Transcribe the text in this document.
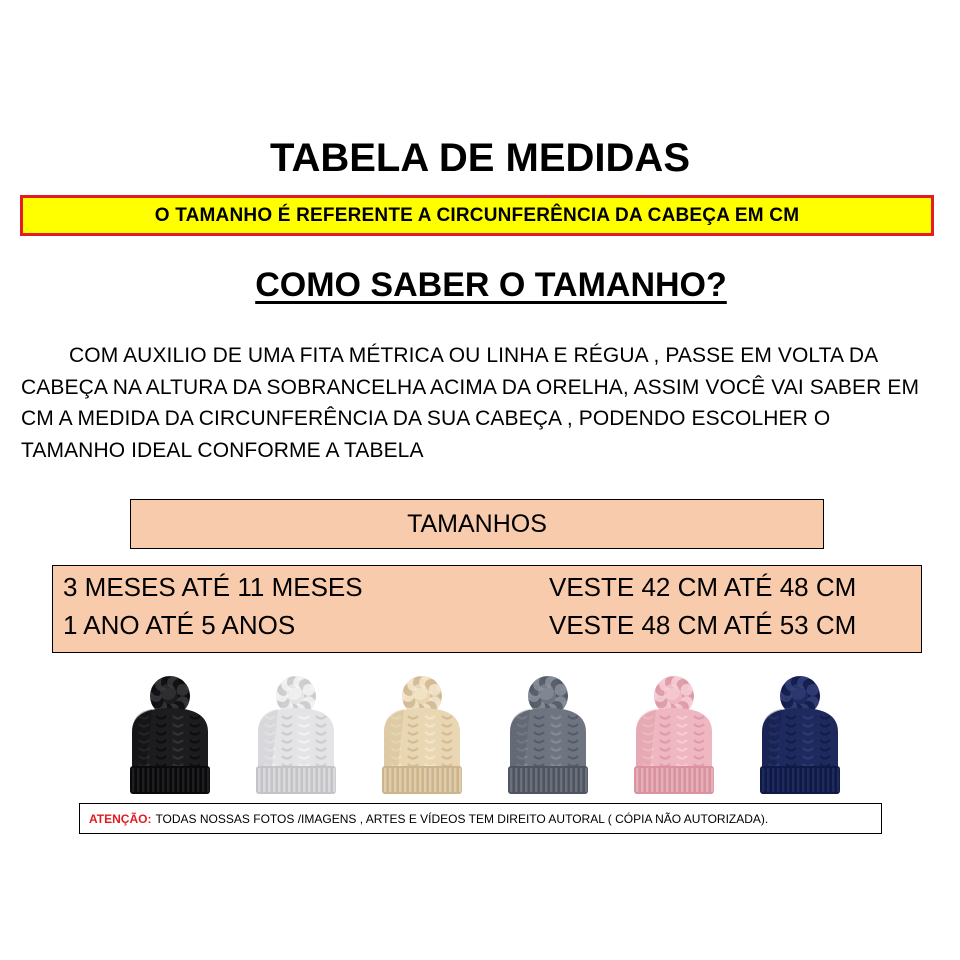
TABELA DE MEDIDAS
O TAMANHO É REFERENTE A CIRCUNFERÊNCIA DA CABEÇA EM CM
COMO SABER O TAMANHO?
COM AUXILIO DE UMA FITA MÉTRICA OU LINHA E RÉGUA , PASSE EM VOLTA DA CABEÇA NA ALTURA DA SOBRANCELHA ACIMA DA ORELHA, ASSIM VOCÊ VAI SABER EM CM A MEDIDA DA CIRCUNFERÊNCIA DA SUA CABEÇA , PODENDO ESCOLHER O TAMANHO IDEAL CONFORME A TABELA
TAMANHOS
3 MESES ATÉ 11 MESES	VESTE 42 CM ATÉ 48 CM
1 ANO ATÉ 5 ANOS	VESTE 48 CM ATÉ 53 CM
ATENÇÃO: TODAS NOSSAS FOTOS /IMAGENS , ARTES E VÍDEOS TEM DIREITO AUTORAL ( CÓPIA NÃO AUTORIZADA).
